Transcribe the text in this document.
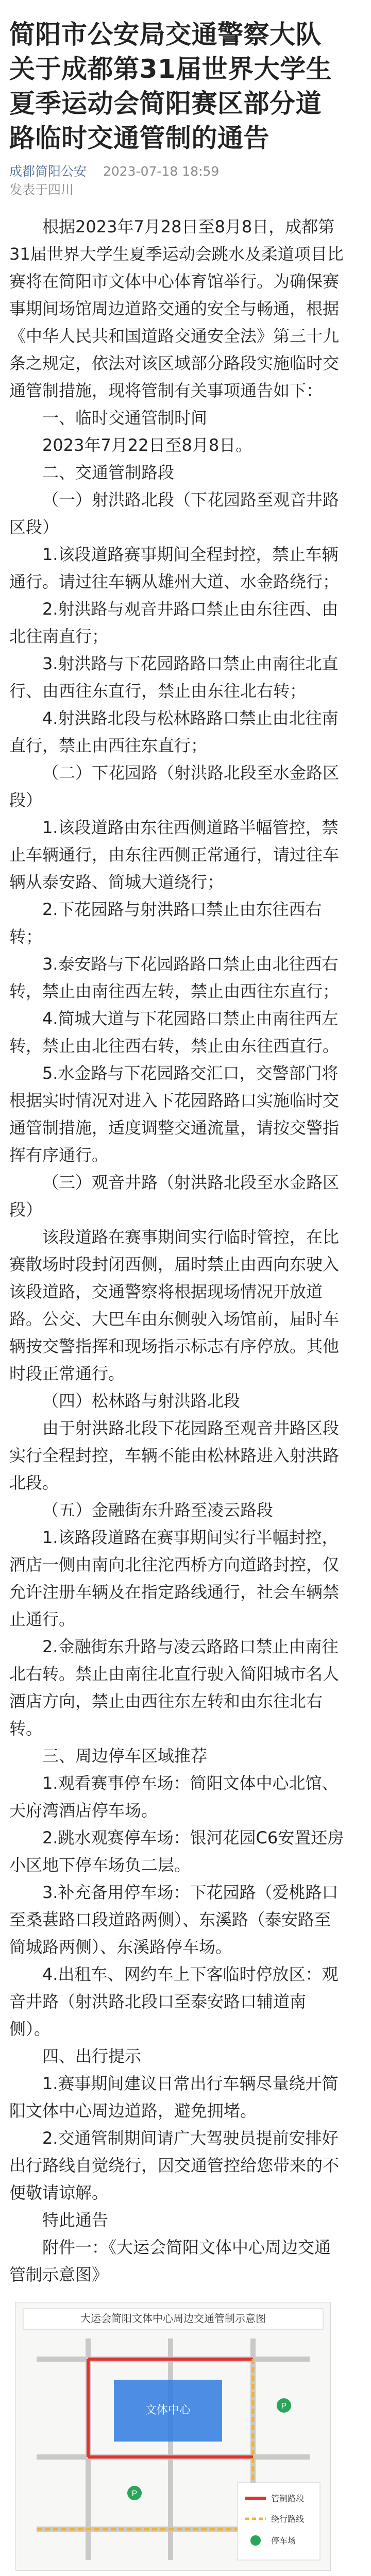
简阳市公安局交通警察大队关于成都第31届世界大学生夏季运动会简阳赛区部分道路临时交通管制的通告
成都简阳公安 2023-07-18 18:59
发表于四川

根据2023年7月28日至8月8日，成都第31届世界大学生夏季运动会跳水及柔道项目比赛将在简阳市文体中心体育馆举行。为确保赛事期间场馆周边道路交通的安全与畅通，根据《中华人民共和国道路交通安全法》第三十九条之规定，依法对该区域部分路段实施临时交通管制措施，现将管制有关事项通告如下：

一、临时交通管制时间

2023年7月22日至8月8日。

二、交通管制路段

（一）射洪路北段（下花园路至观音井路区段）

1.该段道路赛事期间全程封控，禁止车辆通行。请过往车辆从雄州大道、水金路绕行；

2.射洪路与观音井路口禁止由东往西、由北往南直行；

3.射洪路与下花园路路口禁止由南往北直行、由西往东直行，禁止由东往北右转；

4.射洪路北段与松林路路口禁止由北往南直行，禁止由西往东直行；

（二）下花园路（射洪路北段至水金路区段）

1.该段道路由东往西侧道路半幅管控，禁止车辆通行，由东往西侧正常通行，请过往车辆从泰安路、简城大道绕行；

2.下花园路与射洪路口禁止由东往西右转；

3.泰安路与下花园路路口禁止由北往西右转，禁止由南往西左转，禁止由西往东直行；

4.简城大道与下花园路口禁止由南往西左转，禁止由北往西右转，禁止由东往西直行。

5.水金路与下花园路交汇口，交警部门将根据实时情况对进入下花园路路口实施临时交通管制措施，适度调整交通流量，请按交警指挥有序通行。

（三）观音井路（射洪路北段至水金路区段）

该段道路在赛事期间实行临时管控，在比赛散场时段封闭西侧，届时禁止由西向东驶入该段道路，交通警察将根据现场情况开放道路。公交、大巴车由东侧驶入场馆前，届时车辆按交警指挥和现场指示标志有序停放。其他时段正常通行。

（四）松林路与射洪路北段

由于射洪路北段下花园路至观音井路区段实行全程封控，车辆不能由松林路进入射洪路北段。

（五）金融街东升路至凌云路段

1.该路段道路在赛事期间实行半幅封控，酒店一侧由南向北往沱西桥方向道路封控，仅允许注册车辆及在指定路线通行，社会车辆禁止通行。

2.金融街东升路与凌云路路口禁止由南往北右转。禁止由南往北直行驶入简阳城市名人酒店方向，禁止由西往东左转和由东往北右转。

三、周边停车区域推荐

1.观看赛事停车场：简阳文体中心北馆、天府湾酒店停车场。

2.跳水观赛停车场：银河花园C6安置还房小区地下停车场负二层。

3.补充备用停车场：下花园路（爱桃路口至桑葚路口段道路两侧）、东溪路（泰安路至简城路两侧）、东溪路停车场。

4.出租车、网约车上下客临时停放区：观音井路（射洪路北段口至泰安路口辅道南侧）。

四、出行提示

1.赛事期间建议日常出行车辆尽量绕开简阳文体中心周边道路，避免拥堵。

2.交通管制期间请广大驾驶员提前安排好出行路线自觉绕行，因交通管控给您带来的不便敬请谅解。

特此通告

附件一：《大运会简阳文体中心周边交通管制示意图》

大运会简阳文体中心周边交通管制示意图
文体中心	P
P
管制路段
绕行路线
停车场
